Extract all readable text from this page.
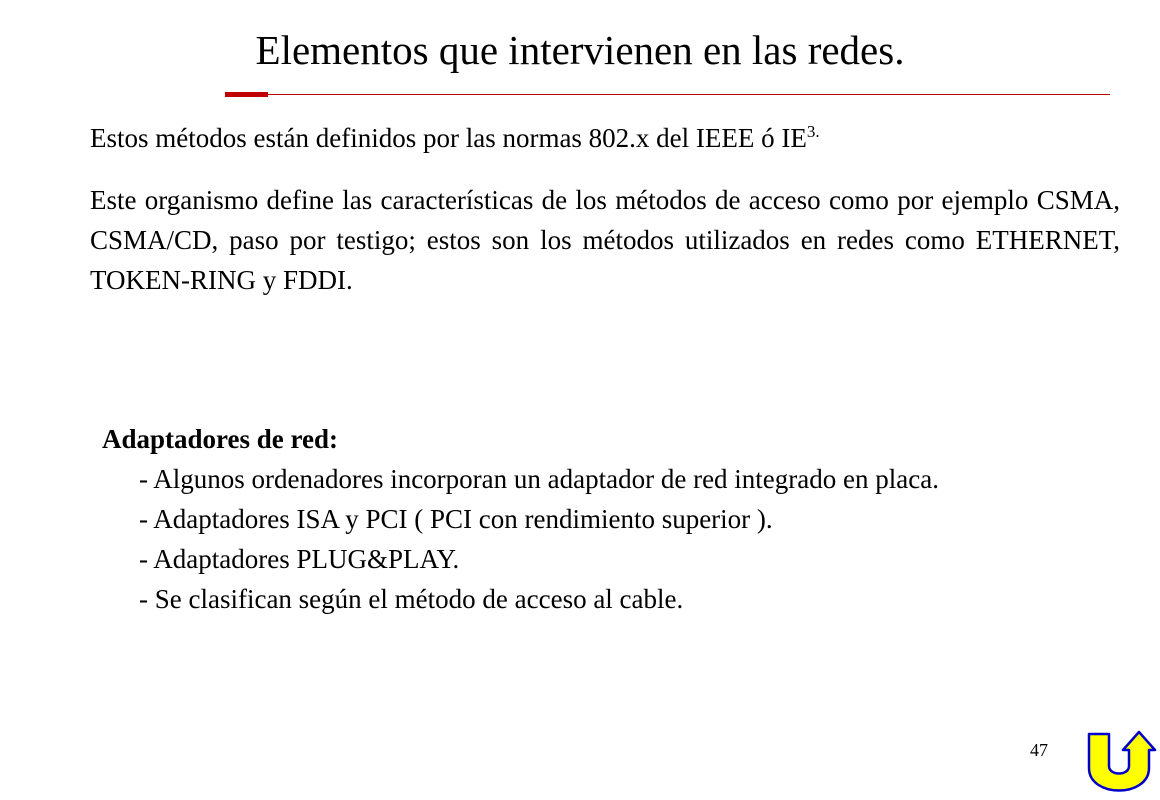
Elementos que intervienen en las redes.
Estos métodos están definidos por las normas 802.x del IEEE ó $IE^{3.}$
Este organismo define las características de los métodos de acceso como por ejemplo CSMA, CSMA/CD, paso por testigo; estos son los métodos utilizados en redes como ETHERNET, TOKEN-RING y FDDI.
Adaptadores de red:
- Algunos ordenadores incorporan un adaptador de red integrado en placa.
- Adaptadores ISA y PCI ( PCI con rendimiento superior ).
- Adaptadores PLUG&PLAY.
- Se clasifican según el método de acceso al cable.
47
